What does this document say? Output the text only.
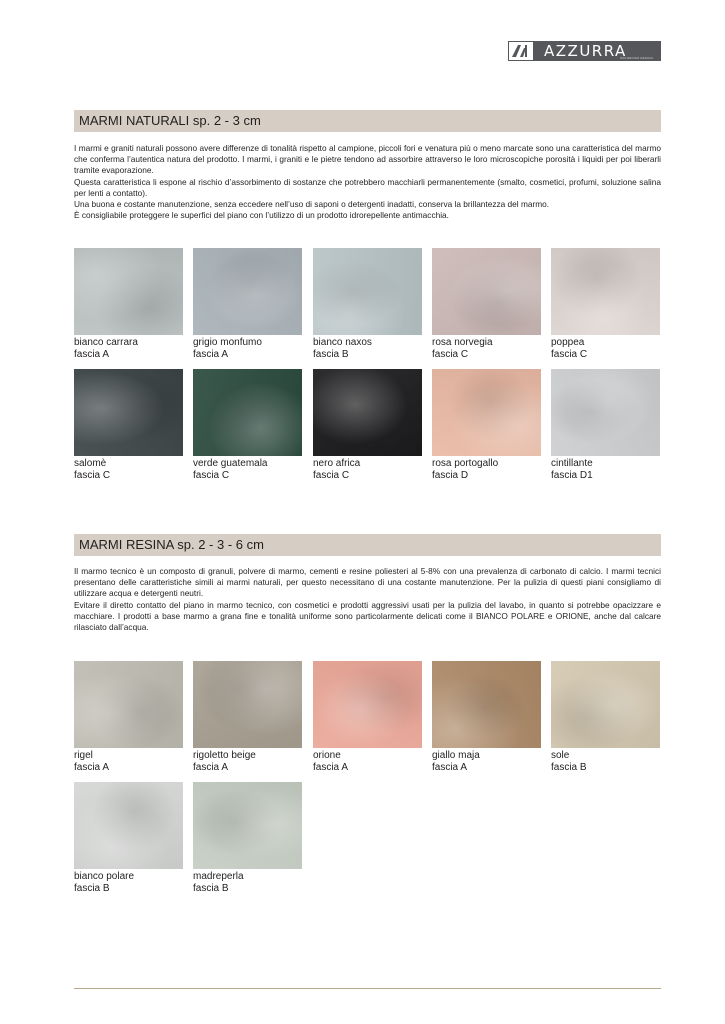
AZZURRA
BATHROOM DESIGN
MARMI NATURALI sp. 2 - 3 cm

I marmi e graniti naturali possono avere differenze di tonalità rispetto al campione, piccoli fori e venatura più o meno marcate sono una caratteristica del marmo che conferma l’autentica natura del prodotto. I marmi, i graniti e le pietre tendono ad assorbire attraverso le loro microscopiche porosità i liquidi per poi liberarli tramite evaporazione.

Questa caratteristica li espone al rischio d’assorbimento di sostanze che potrebbero macchiarli permanentemente (smalto, cosmetici, profumi, soluzione salina per lenti a contatto).

Una buona e costante manutenzione, senza eccedere nell’uso di saponi o detergenti inadatti, conserva la brillantezza del marmo.

È consigliabile proteggere le superfici del piano con l’utilizzo di un prodotto idrorepellente antimacchia.

bianco carrara
fascia A
grigio monfumo
fascia A
bianco naxos
fascia B
rosa norvegia
fascia C
poppea
fascia C
salomè
fascia C
verde guatemala
fascia C
nero africa
fascia C
rosa portogallo
fascia D
cintillante
fascia D1
MARMI RESINA sp. 2 - 3 - 6 cm

Il marmo tecnico è un composto di granuli, polvere di marmo, cementi e resine poliesteri al 5-8% con una prevalenza di carbonato di calcio. I marmi tecnici presentano delle caratteristiche simili ai marmi naturali, per questo necessitano di una costante manutenzione. Per la pulizia di questi piani consigliamo di utilizzare acqua e detergenti neutri.

Evitare il diretto contatto del piano in marmo tecnico, con cosmetici e prodotti aggressivi usati per la pulizia del lavabo, in quanto si potrebbe opacizzare e macchiare. I prodotti a base marmo a grana fine e tonalità uniforme sono particolarmente delicati come il BIANCO POLARE e ORIONE, anche dal calcare rilasciato dall’acqua.

rigel
fascia A
rigoletto beige
fascia A
orione
fascia A
giallo maja
fascia A
sole
fascia B
bianco polare
fascia B
madreperla
fascia B
